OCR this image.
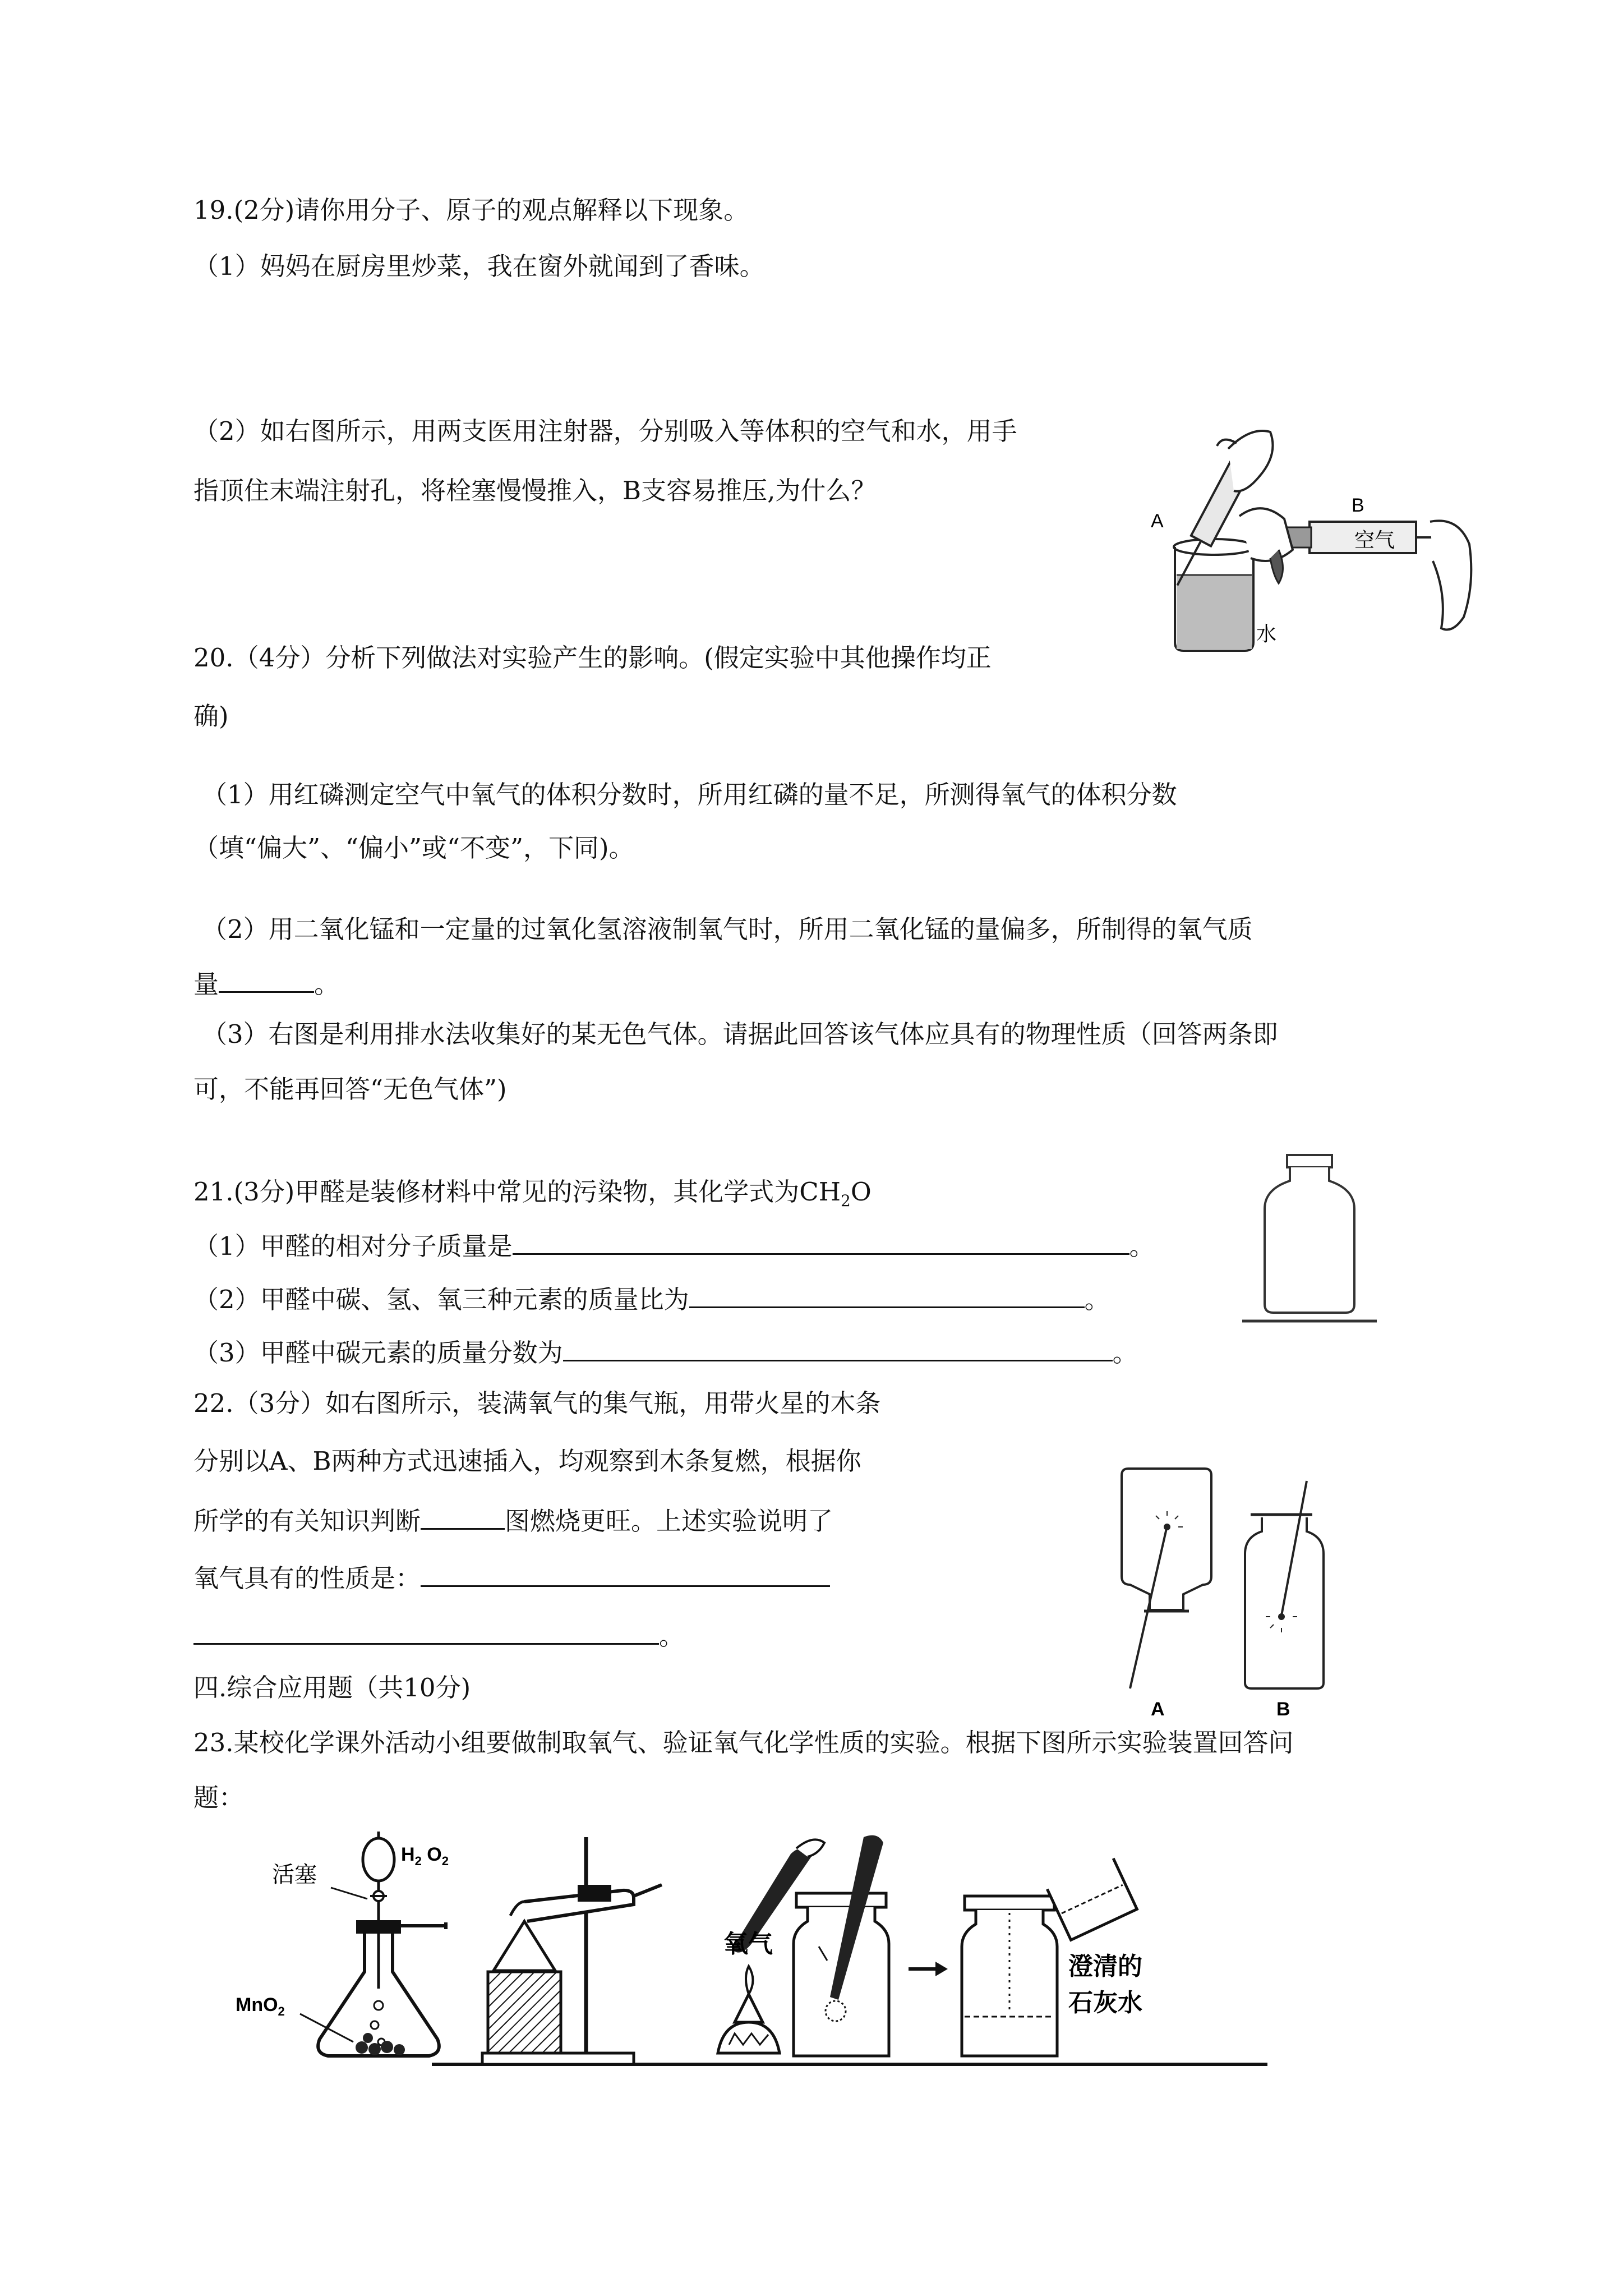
19.(2分)请你用分子、原子的观点解释以下现象。
（1）妈妈在厨房里炒菜，我在窗外就闻到了香味。
（2）如右图所示，用两支医用注射器，分别吸入等体积的空气和水，用手
指顶住末端注射孔，将栓塞慢慢推入，B支容易推压,为什么？
A
B
水
空气
20.（4分）分析下列做法对实验产生的影响。(假定实验中其他操作均正
确)
（1）用红磷测定空气中氧气的体积分数时，所用红磷的量不足，所测得氧气的体积分数
（填“偏大”、“偏小”或“不变”，下同)。
（2）用二氧化锰和一定量的过氧化氢溶液制氧气时，所用二氧化锰的量偏多，所制得的氧气质
量	。
（3）右图是利用排水法收集好的某无色气体。请据此回答该气体应具有的物理性质（回答两条即
可，不能再回答“无色气体”)
21.(3分)甲醛是装修材料中常见的污染物，其化学式为$CH_2O$
（1）甲醛的相对分子质量是	。
（2）甲醛中碳、氢、氧三种元素的质量比为	。
（3）甲醛中碳元素的质量分数为	。
22.（3分）如右图所示，装满氧气的集气瓶，用带火星的木条
分别以A、B两种方式迅速插入，均观察到木条复燃，根据你
所学的有关知识判断	图燃烧更旺。上述实验说明了
氧气具有的性质是：
。
A	B
四.综合应用题（共10分)
23.某校化学课外活动小组要做制取氧气、验证氧气化学性质的实验。根据下图所示实验装置回答问
题：
活塞
$H_2$ $O_2$
MnO$_2$
氧气
澄清的
石灰水
